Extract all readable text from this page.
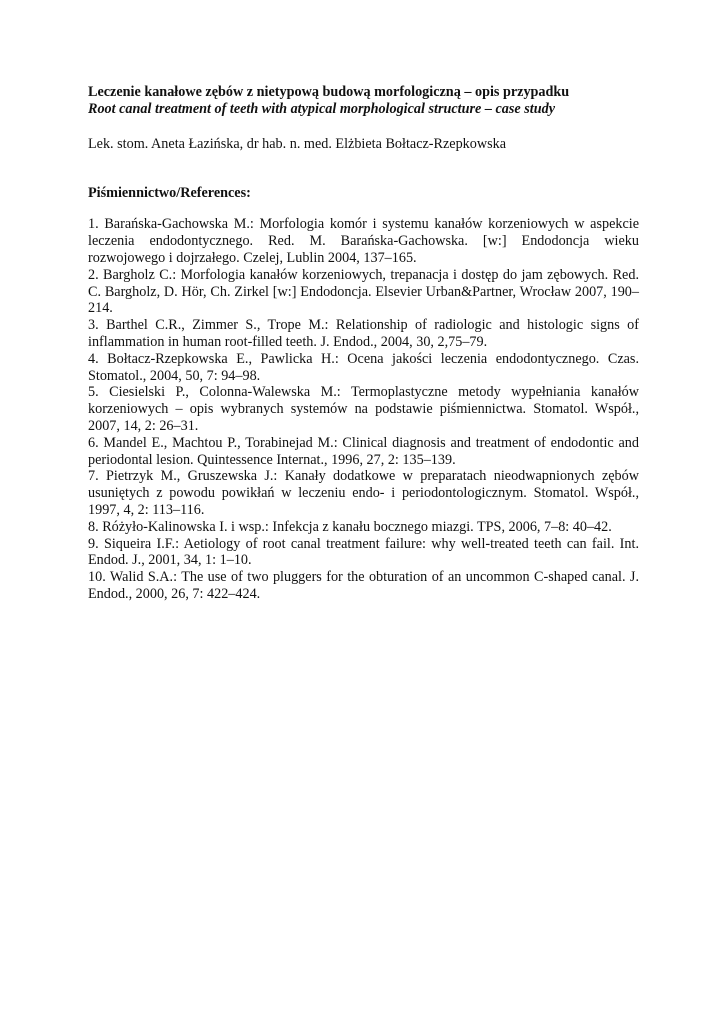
Leczenie kanałowe zębów z nietypową budową morfologiczną – opis przypadku

Root canal treatment of teeth with atypical morphological structure – case study

Lek. stom. Aneta Łazińska, dr hab. n. med. Elżbieta Bołtacz-Rzepkowska

Piśmiennictwo/References:

1. Barańska-Gachowska M.: Morfologia komór i systemu kanałów korzeniowych w aspekcie leczenia endodontycznego. Red. M. Barańska-Gachowska. [w:] Endodoncja wieku rozwojowego i dojrzałego. Czelej, Lublin 2004, 137–165.
2. Bargholz C.: Morfologia kanałów korzeniowych, trepanacja i dostęp do jam zębowych. Red. C. Bargholz, D. Hör, Ch. Zirkel [w:] Endodoncja. Elsevier Urban&Partner, Wrocław 2007, 190–214.
3. Barthel C.R., Zimmer S., Trope M.: Relationship of radiologic and histologic signs of inflammation in human root-filled teeth. J. Endod., 2004, 30, 2,75–79.
4. Bołtacz-Rzepkowska E., Pawlicka H.: Ocena jakości leczenia endodontycznego. Czas. Stomatol., 2004, 50, 7: 94–98.
5. Ciesielski P., Colonna-Walewska M.: Termoplastyczne metody wypełniania kanałów korzeniowych – opis wybranych systemów na podstawie piśmiennictwa. Stomatol. Współ., 2007, 14, 2: 26–31.
6. Mandel E., Machtou P., Torabinejad M.: Clinical diagnosis and treatment of endodontic and periodontal lesion. Quintessence Internat., 1996, 27, 2: 135–139.
7. Pietrzyk M., Gruszewska J.: Kanały dodatkowe w preparatach nieodwapnionych zębów usuniętych z powodu powikłań w leczeniu endo- i periodontologicznym. Stomatol. Współ., 1997, 4, 2: 113–116.
8. Różyło-Kalinowska I. i wsp.: Infekcja z kanału bocznego miazgi. TPS, 2006, 7–8: 40–42.
9. Siqueira I.F.: Aetiology of root canal treatment failure: why well-treated teeth can fail. Int. Endod. J., 2001, 34, 1: 1–10.
10. Walid S.A.: The use of two pluggers for the obturation of an uncommon C-shaped canal. J. Endod., 2000, 26, 7: 422–424.
